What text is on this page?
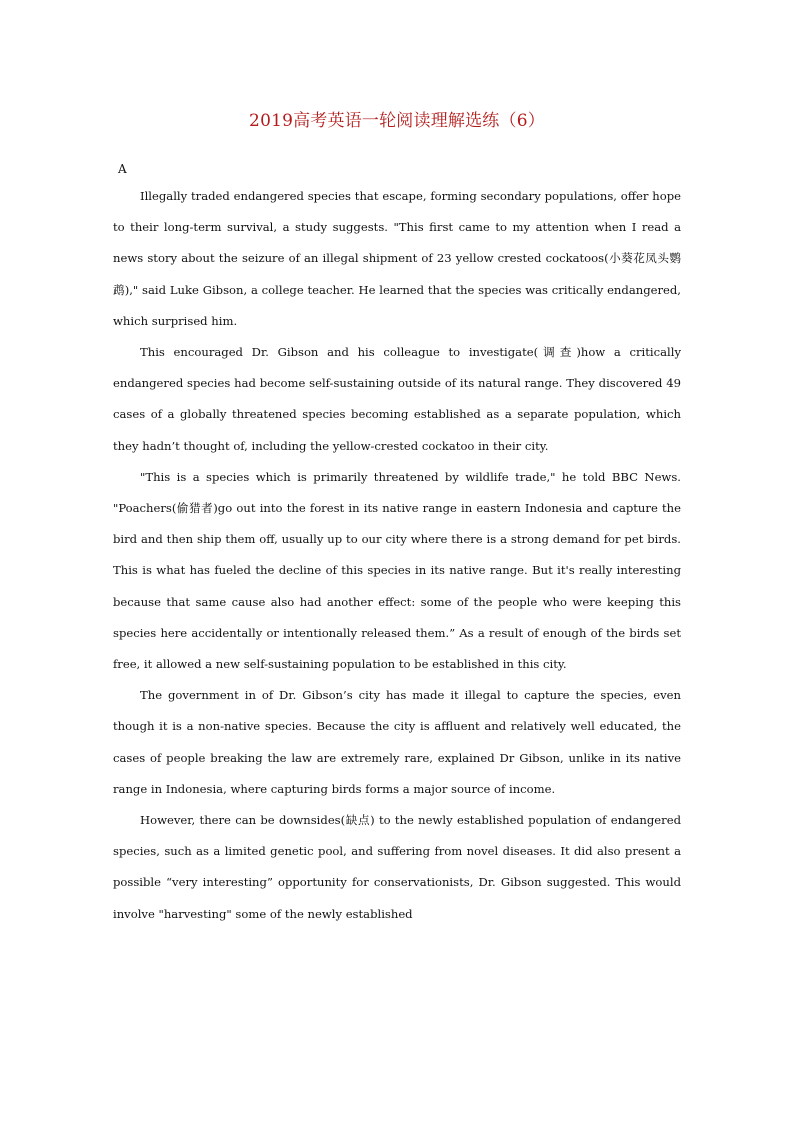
2019高考英语一轮阅读理解选练（6）
A

Illegally traded endangered species that escape, forming secondary populations, offer hope to their long-term survival, a study suggests. "This first came to my attention when I read a news story about the seizure of an illegal shipment of 23 yellow crested cockatoos(小葵花凤头鹦鹉)," said Luke Gibson, a college teacher. He learned that the species was critically endangered, which surprised him.

This encouraged Dr. Gibson and his colleague to investigate(调查)how a critically endangered species had become self-sustaining outside of its natural range. They discovered 49 cases of a globally threatened species becoming established as a separate population, which they hadn’t thought of, including the yellow-crested cockatoo in their city.

"This is a species which is primarily threatened by wildlife trade," he told BBC News. "Poachers(偷猎者)go out into the forest in its native range in eastern Indonesia and capture the bird and then ship them off, usually up to our city where there is a strong demand for pet birds. This is what has fueled the decline of this species in its native range. But it's really interesting because that same cause also had another effect: some of the people who were keeping this species here accidentally or intentionally released them.” As a result of enough of the birds set free, it allowed a new self-sustaining population to be established in this city.

The government in of Dr. Gibson’s city has made it illegal to capture the species, even though it is a non-native species. Because the city is affluent and relatively well educated, the cases of people breaking the law are extremely rare, explained Dr Gibson, unlike in its native range in Indonesia, where capturing birds forms a major source of income.

However, there can be downsides(缺点) to the newly established population of endangered species, such as a limited genetic pool, and suffering from novel diseases. It did also present a possible “very interesting” opportunity for conservationists, Dr. Gibson suggested. This would involve "harvesting" some of the newly established
